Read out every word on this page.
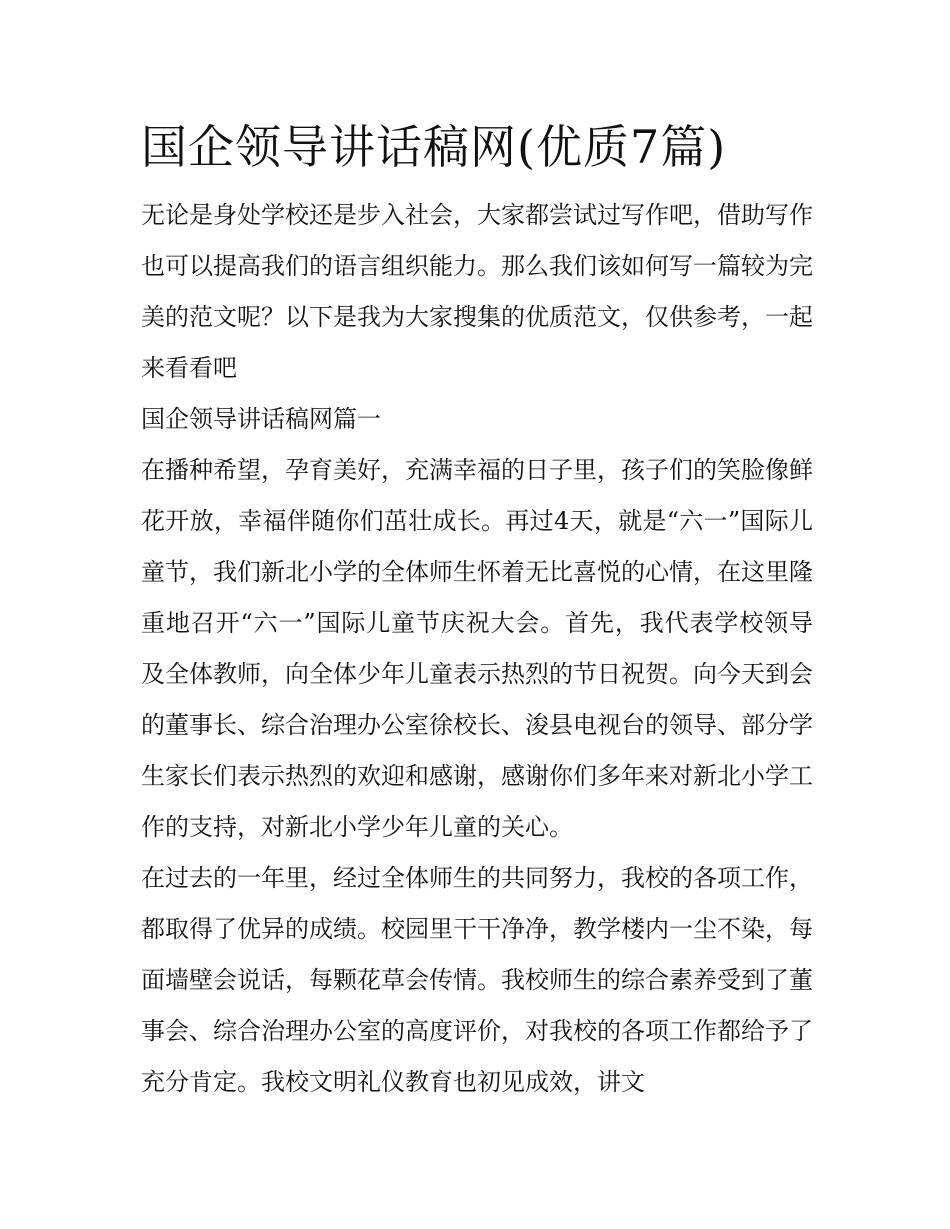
国企领导讲话稿网(优质7篇)

无论是身处学校还是步入社会，大家都尝试过写作吧，借助写作也可以提高我们的语言组织能力。那么我们该如何写一篇较为完美的范文呢？以下是我为大家搜集的优质范文，仅供参考，一起来看看吧

国企领导讲话稿网篇一

在播种希望，孕育美好，充满幸福的日子里，孩子们的笑脸像鲜花开放，幸福伴随你们茁壮成长。再过4天，就是“六一”国际儿童节，我们新北小学的全体师生怀着无比喜悦的心情，在这里隆重地召开“六一”国际儿童节庆祝大会。首先，我代表学校领导及全体教师，向全体少年儿童表示热烈的节日祝贺。向今天到会的董事长、综合治理办公室徐校长、浚县电视台的领导、部分学生家长们表示热烈的欢迎和感谢，感谢你们多年来对新北小学工作的支持，对新北小学少年儿童的关心。

在过去的一年里，经过全体师生的共同努力，我校的各项工作，都取得了优异的成绩。校园里干干净净，教学楼内一尘不染，每面墙壁会说话，每颗花草会传情。我校师生的综合素养受到了董事会、综合治理办公室的高度评价，对我校的各项工作都给予了充分肯定。我校文明礼仪教育也初见成效，讲文
